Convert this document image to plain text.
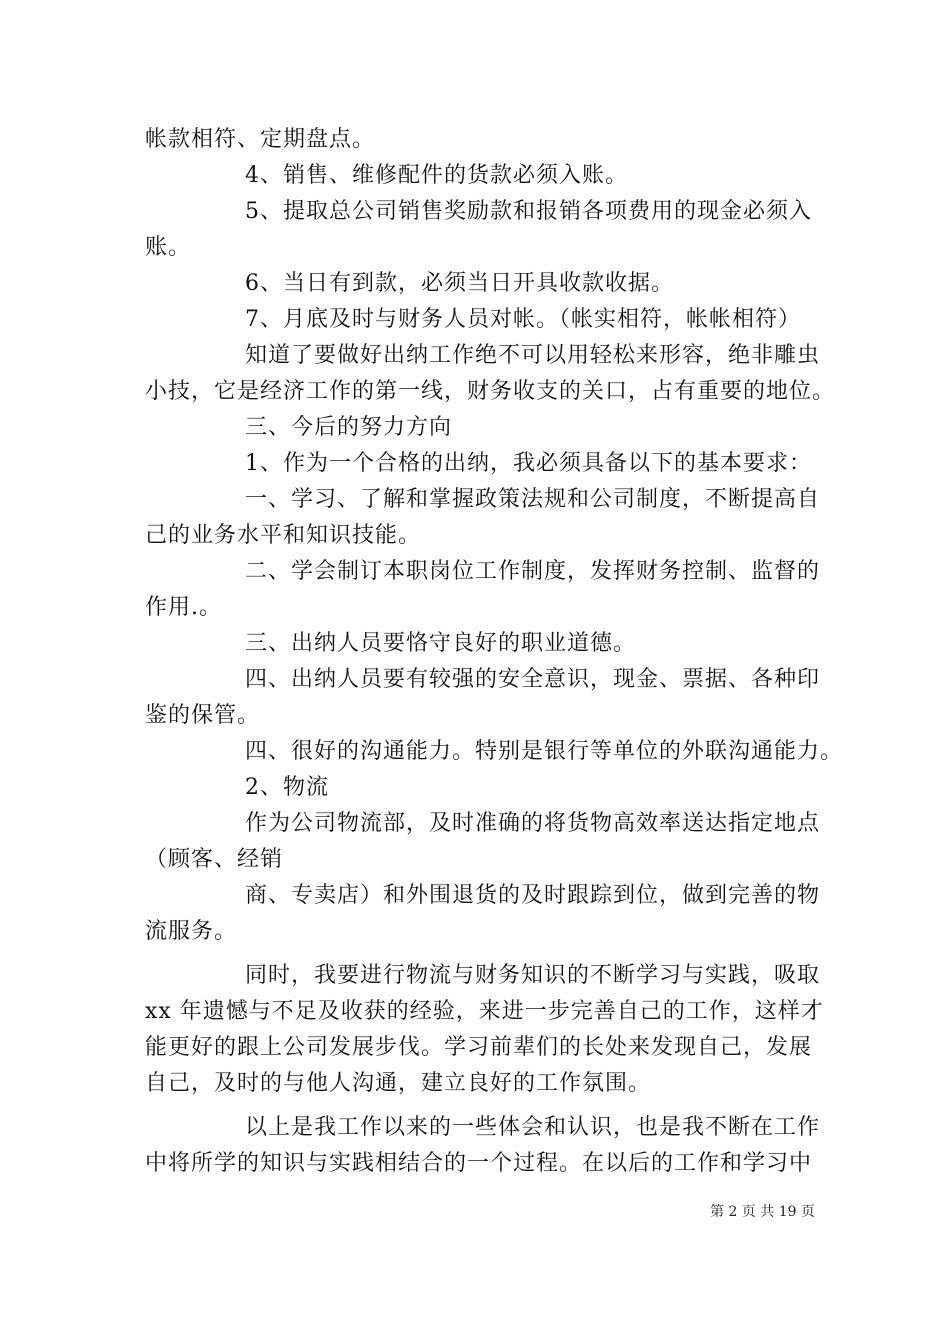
帐款相符、定期盘点。
4、销售、维修配件的货款必须入账。
5、提取总公司销售奖励款和报销各项费用的现金必须入
账。
6、当日有到款，必须当日开具收款收据。
7、月底及时与财务人员对帐。（帐实相符，帐帐相符）
知道了要做好出纳工作绝不可以用轻松来形容，绝非雕虫
小技，它是经济工作的第一线，财务收支的关口，占有重要的地位。
三、今后的努力方向
1、作为一个合格的出纳，我必须具备以下的基本要求：
一、学习、了解和掌握政策法规和公司制度，不断提高自
己的业务水平和知识技能。
二、学会制订本职岗位工作制度，发挥财务控制、监督的
作用.。
三、出纳人员要恪守良好的职业道德。
四、出纳人员要有较强的安全意识，现金、票据、各种印
鉴的保管。
四、很好的沟通能力。特别是银行等单位的外联沟通能力。
2、物流
作为公司物流部，及时准确的将货物高效率送达指定地点
（顾客、经销
商、专卖店）和外围退货的及时跟踪到位，做到完善的物
流服务。
同时，我要进行物流与财务知识的不断学习与实践，吸取
xx 年遗憾与不足及收获的经验，来进一步完善自己的工作，这样才
能更好的跟上公司发展步伐。学习前辈们的长处来发现自己，发展
自己，及时的与他人沟通，建立良好的工作氛围。
以上是我工作以来的一些体会和认识，也是我不断在工作
中将所学的知识与实践相结合的一个过程。在以后的工作和学习中
第 2 页 共 19 页
